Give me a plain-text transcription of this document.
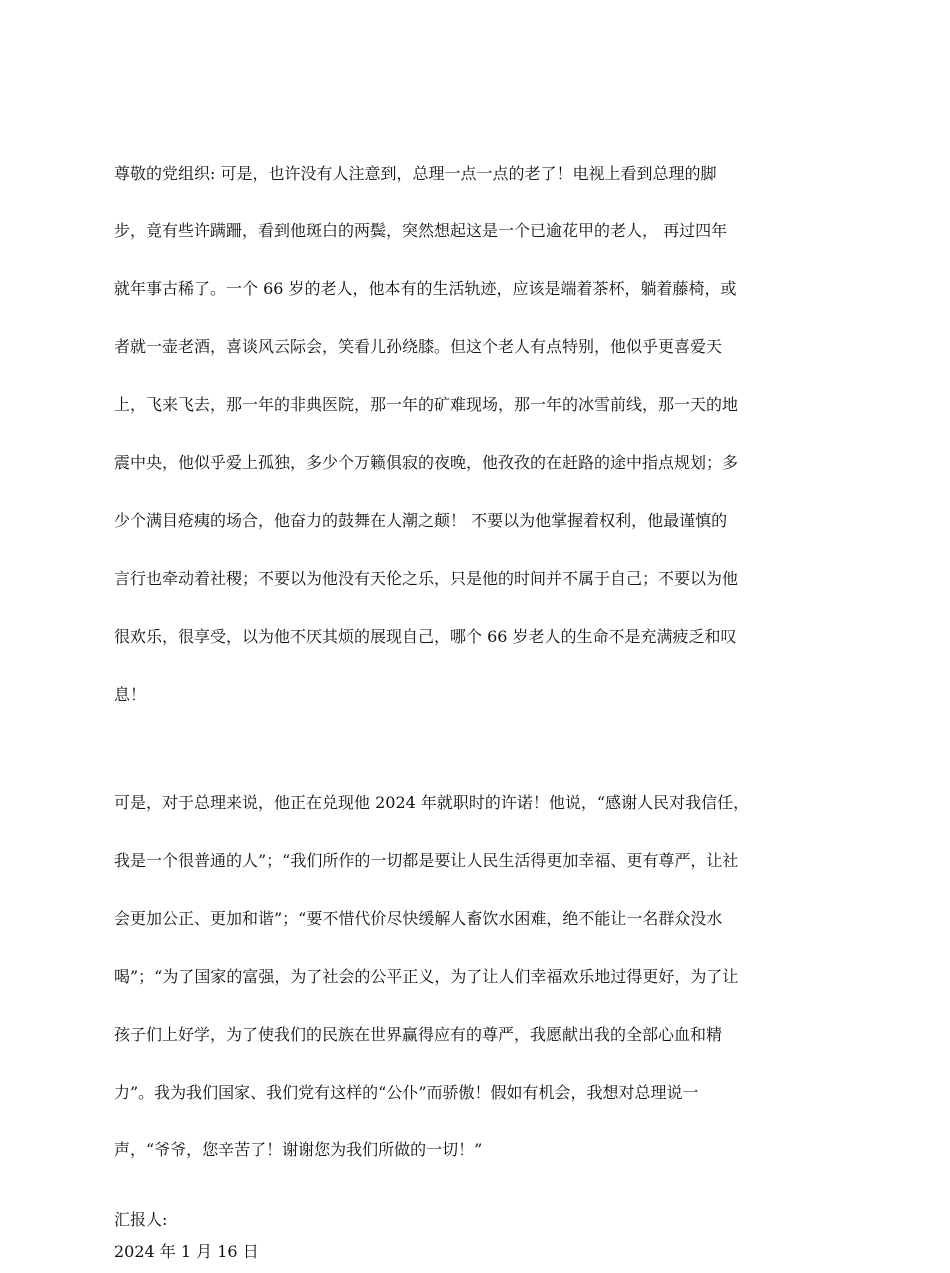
尊敬的党组织: 可是，也许没有人注意到，总理一点一点的老了！电视上看到总理的脚

步，竟有些许蹒跚，看到他斑白的两鬓，突然想起这是一个已逾花甲的老人， 再过四年

就年事古稀了。一个 66 岁的老人，他本有的生活轨迹，应该是端着茶杯，躺着藤椅，或

者就一壶老酒，喜谈风云际会，笑看儿孙绕膝。但这个老人有点特别，他似乎更喜爱天

上，飞来飞去，那一年的非典医院，那一年的矿难现场，那一年的冰雪前线，那一天的地

震中央，他似乎爱上孤独，多少个万籁俱寂的夜晚，他孜孜的在赶路的途中指点规划；多

少个满目疮痍的场合，他奋力的鼓舞在人潮之颠！ 不要以为他掌握着权利，他最谨慎的

言行也牵动着社稷；不要以为他没有天伦之乐，只是他的时间并不属于自己；不要以为他

很欢乐，很享受，以为他不厌其烦的展现自己，哪个 66 岁老人的生命不是充满疲乏和叹

息！

可是，对于总理来说，他正在兑现他 2024 年就职时的许诺！他说，“感谢人民对我信任，

我是一个很普通的人”；“我们所作的一切都是要让人民生活得更加幸福、更有尊严，让社

会更加公正、更加和谐”；“要不惜代价尽快缓解人畜饮水困难，绝不能让一名群众没水

喝”；“为了国家的富强，为了社会的公平正义，为了让人们幸福欢乐地过得更好，为了让

孩子们上好学，为了使我们的民族在世界赢得应有的尊严，我愿献出我的全部心血和精

力”。我为我们国家、我们党有这样的“公仆”而骄傲！假如有机会，我想对总理说一

声，“爷爷，您辛苦了！谢谢您为我们所做的一切！”

汇报人:

2024 年 1 月 16 日
